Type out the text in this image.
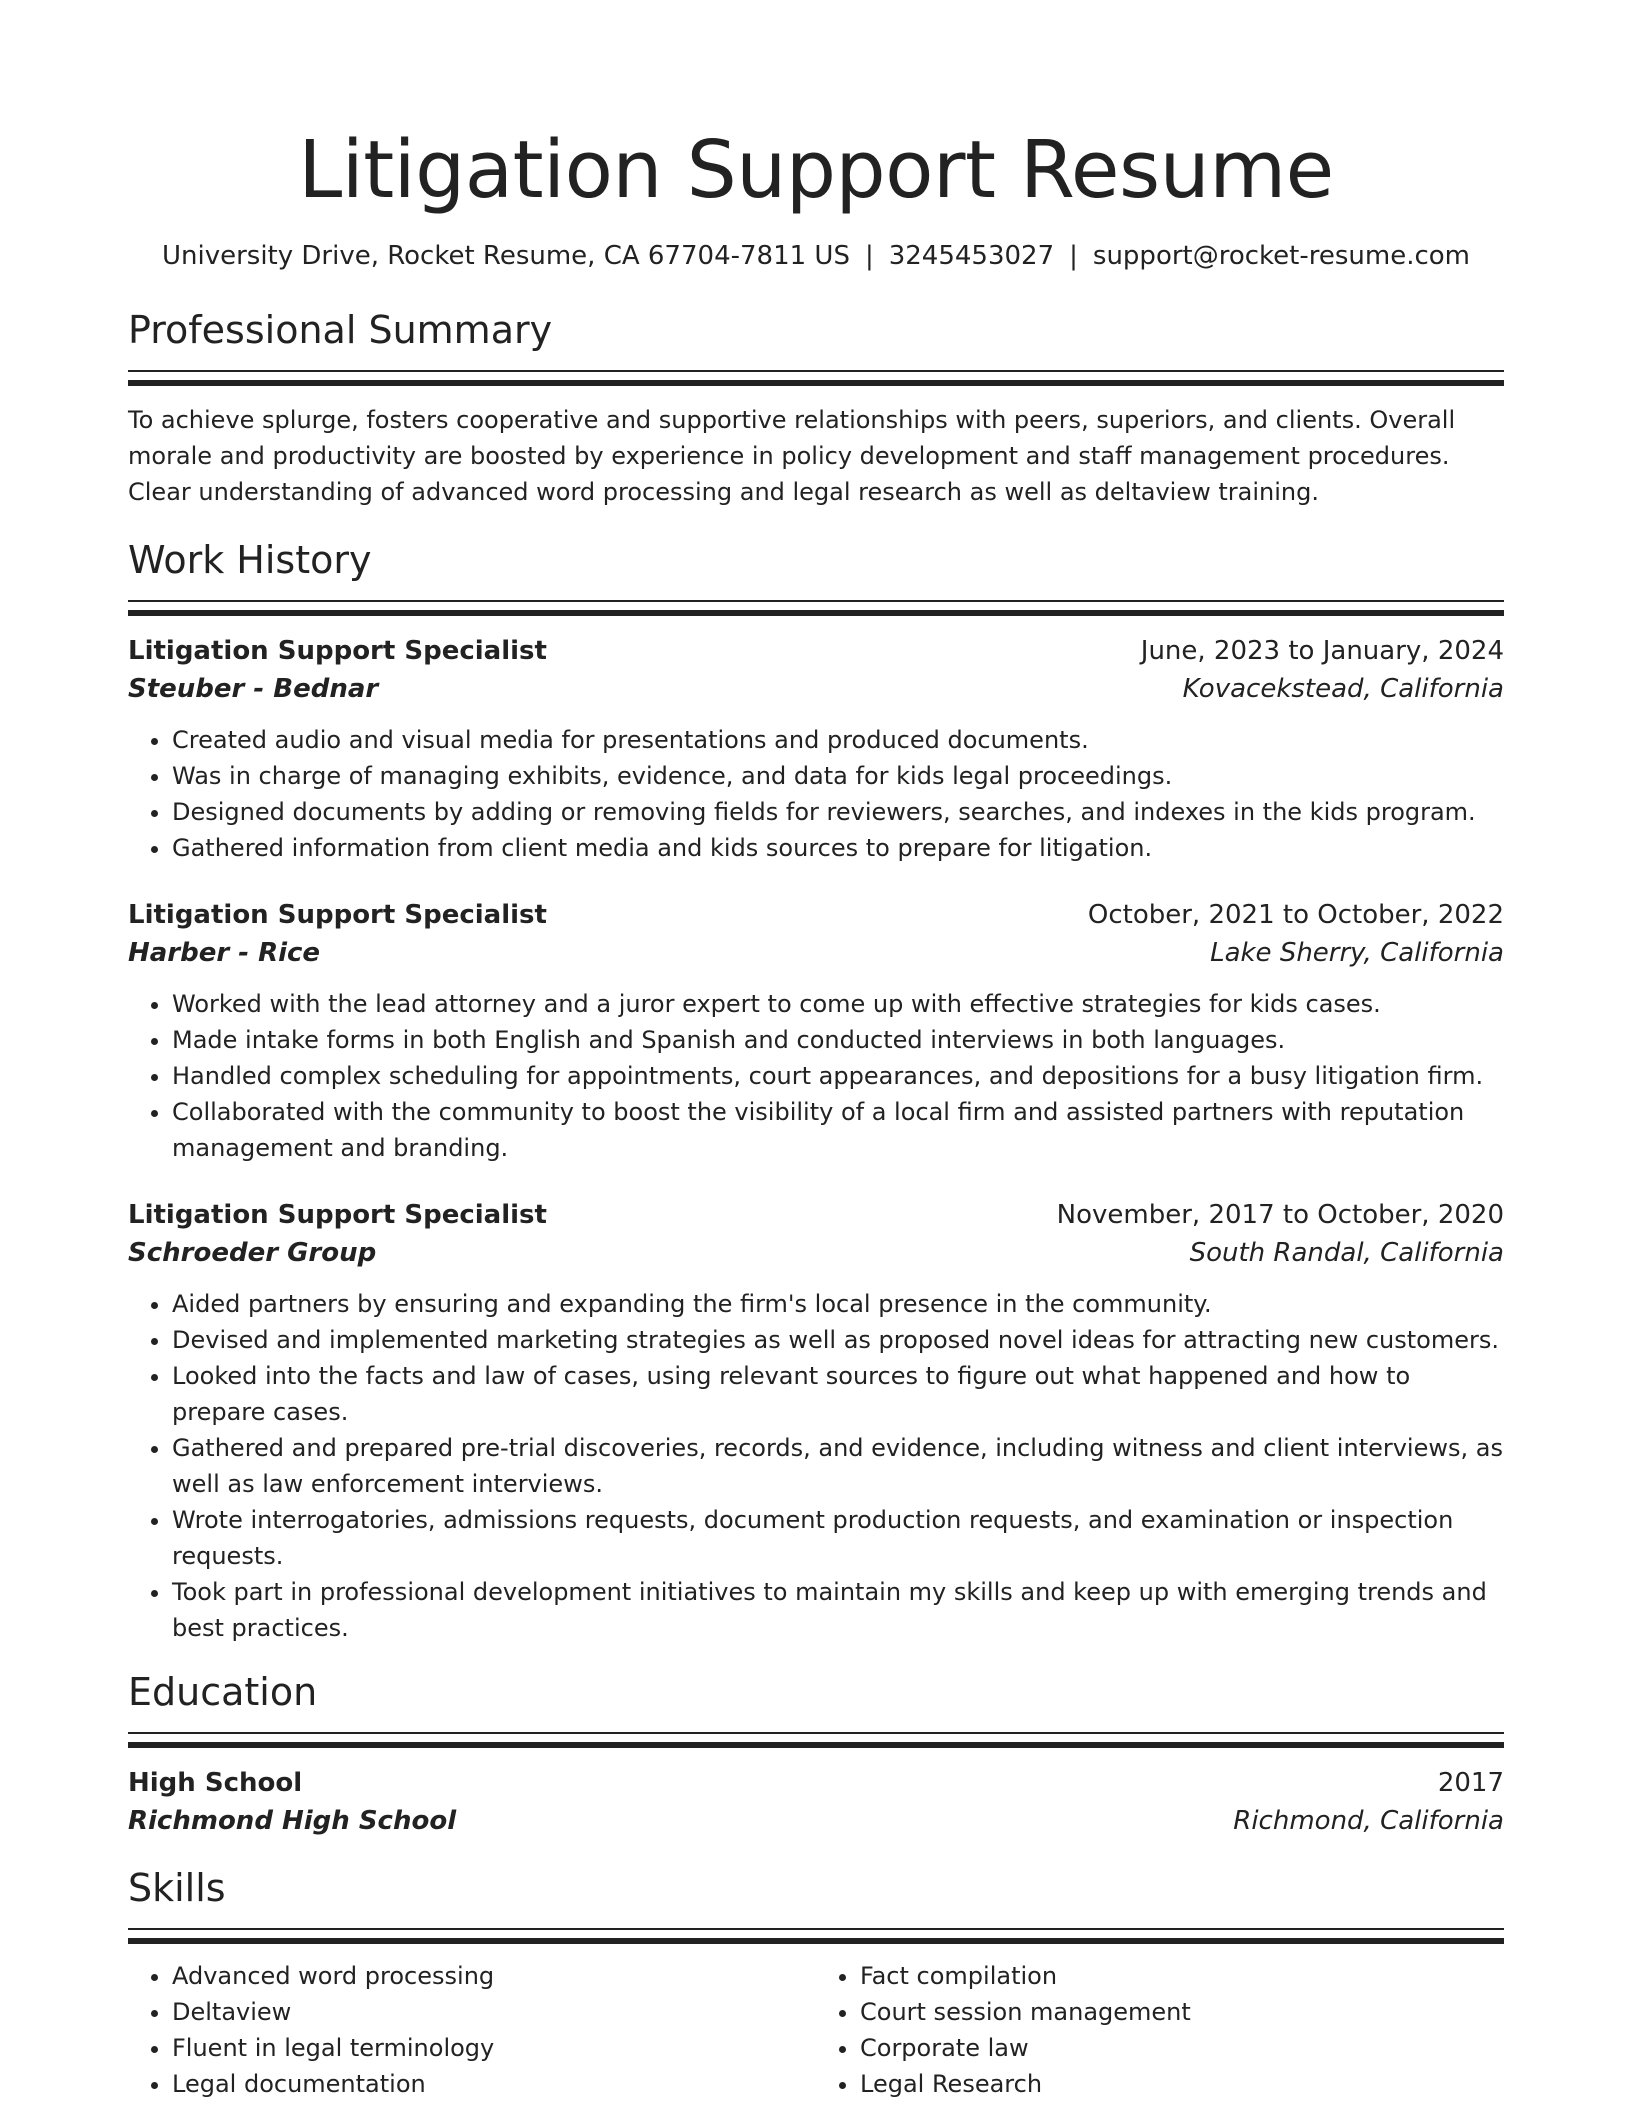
Litigation Support Resume
University Drive, Rocket Resume, CA 67704-7811 US | 3245453027 | support@rocket-resume.com
Professional Summary

To achieve splurge, fosters cooperative and supportive relationships with peers, superiors, and clients. Overall morale and productivity are boosted by experience in policy development and staff management procedures. Clear understanding of advanced word processing and legal research as well as deltaview training.

Work History
Litigation Support Specialist	June, 2023 to January, 2024
Steuber - Bednar	Kovacekstead, California
• Created audio and visual media for presentations and produced documents.
• Was in charge of managing exhibits, evidence, and data for kids legal proceedings.
• Designed documents by adding or removing fields for reviewers, searches, and indexes in the kids program.
• Gathered information from client media and kids sources to prepare for litigation.
Litigation Support Specialist	October, 2021 to October, 2022
Harber - Rice	Lake Sherry, California
• Worked with the lead attorney and a juror expert to come up with effective strategies for kids cases.
• Made intake forms in both English and Spanish and conducted interviews in both languages.
• Handled complex scheduling for appointments, court appearances, and depositions for a busy litigation firm.
• Collaborated with the community to boost the visibility of a local firm and assisted partners with reputation management and branding.
Litigation Support Specialist	November, 2017 to October, 2020
Schroeder Group	South Randal, California
• Aided partners by ensuring and expanding the firm's local presence in the community.
• Devised and implemented marketing strategies as well as proposed novel ideas for attracting new customers.
• Looked into the facts and law of cases, using relevant sources to figure out what happened and how to prepare cases.
• Gathered and prepared pre-trial discoveries, records, and evidence, including witness and client interviews, as well as law enforcement interviews.
• Wrote interrogatories, admissions requests, document production requests, and examination or inspection requests.
• Took part in professional development initiatives to maintain my skills and keep up with emerging trends and best practices.
Education
High School	2017
Richmond High School	Richmond, California
Skills
• Advanced word processing
• Deltaview
• Fluent in legal terminology
• Legal documentation
• Fact compilation
• Court session management
• Corporate law
• Legal Research
